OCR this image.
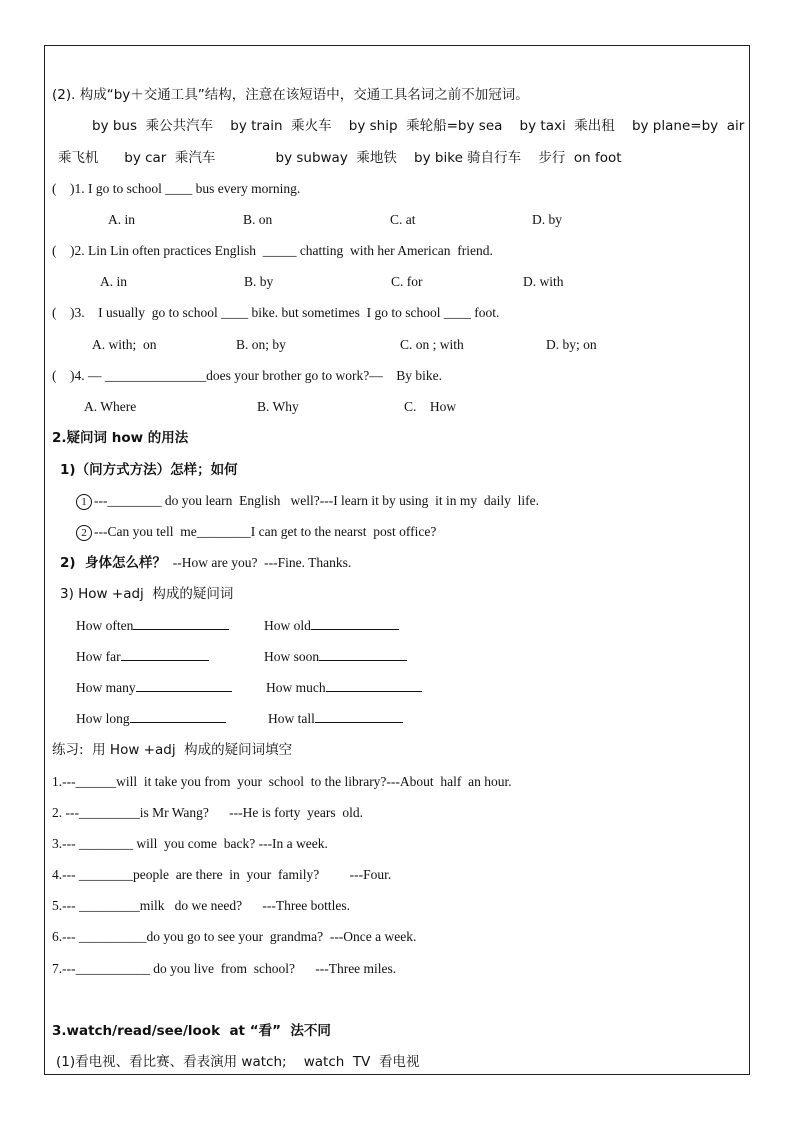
(2). 构成“by＋交通工具”结构，注意在该短语中，交通工具名词之前不加冠词。
by bus  乘公共汽车    by train  乘火车    by ship  乘轮船=by sea    by taxi  乘出租    by plane=by  air
乘飞机      by car  乘汽车              by subway  乘地铁    by bike 骑自行车    步行  on foot
(    )1. I go to school ____ bus every morning.
A. in	B. on	C. at	D. by
(    )2. Lin Lin often practices English  _____ chatting  with her American  friend.
A. in	B. by	C. for	D. with
(    )3.    I usually  go to school ____ bike. but sometimes  I go to school ____ foot.
A. with;  on	B. on; by	C. on ; with	D. by; on
(    )4. — _______________does your brother go to work?—    By bike.
A. Where	B. Why	C.    How
2.疑问词 how 的用法
1)（问方式方法）怎样；如何
1 ---________ do you learn  English   well?---I learn it by using  it in my  daily  life.
2 ---Can you tell  me________I can get to the nearst  post office?
2)  身体怎么样？  --How are you?  ---Fine. Thanks.
3) How +adj  构成的疑问词
How often	How old
How far	How soon
How many	How much
How long	How tall
练习:  用 How +adj  构成的疑问词填空
1.---______will  it take you from  your  school  to the library?---About  half  an hour.
2. ---_________is Mr Wang?      ---He is forty  years  old.
3.--- ________ will  you come  back? ---In a week.
4.--- ________people  are there  in  your  family?         ---Four.
5.--- _________milk   do we need?      ---Three bottles.
6.--- __________do you go to see your  grandma?  ---Once a week.
7.---___________ do you live  from  school?      ---Three miles.
3.watch/read/see/look  at “看”  法不同
(1)看电视、看比赛、看表演用 watch;    watch  TV  看电视
